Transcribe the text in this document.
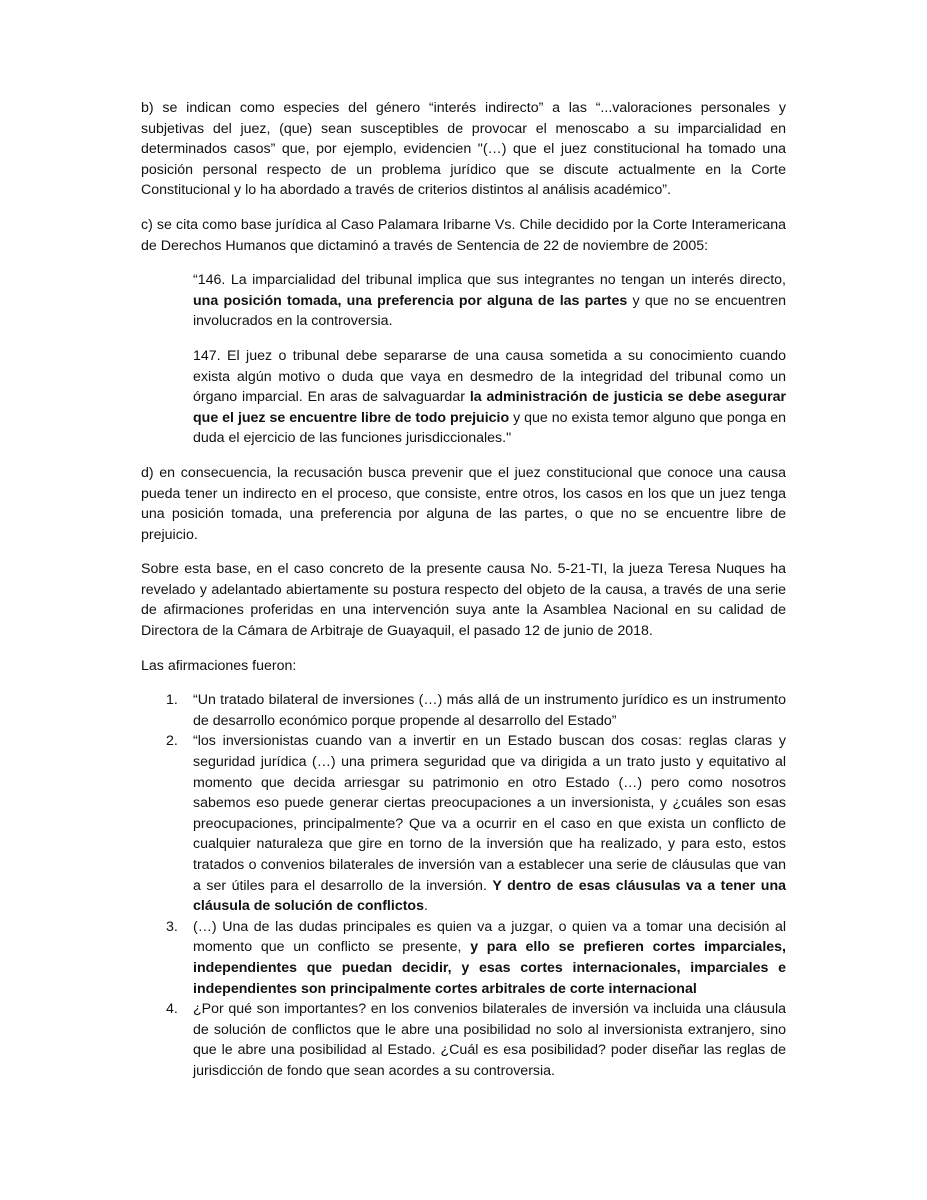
b) se indican como especies del género “interés indirecto” a las “...valoraciones personales y subjetivas del juez, (que) sean susceptibles de provocar el menoscabo a su imparcialidad en determinados casos” que, por ejemplo, evidencien "(…) que el juez constitucional ha tomado una posición personal respecto de un problema jurídico que se discute actualmente en la Corte Constitucional y lo ha abordado a través de criterios distintos al análisis académico”.

c) se cita como base jurídica al Caso Palamara Iribarne Vs. Chile decidido por la Corte Interamericana de Derechos Humanos que dictaminó a través de Sentencia de 22 de noviembre de 2005:

“146. La imparcialidad del tribunal implica que sus integrantes no tengan un interés directo, una posición tomada, una preferencia por alguna de las partes y que no se encuentren involucrados en la controversia.

147. El juez o tribunal debe separarse de una causa sometida a su conocimiento cuando exista algún motivo o duda que vaya en desmedro de la integridad del tribunal como un órgano imparcial. En aras de salvaguardar la administración de justicia se debe asegurar que el juez se encuentre libre de todo prejuicio y que no exista temor alguno que ponga en duda el ejercicio de las funciones jurisdiccionales."

d) en consecuencia, la recusación busca prevenir que el juez constitucional que conoce una causa pueda tener un indirecto en el proceso, que consiste, entre otros, los casos en los que un juez tenga una posición tomada, una preferencia por alguna de las partes, o que no se encuentre libre de prejuicio.

Sobre esta base, en el caso concreto de la presente causa No. 5-21-TI, la jueza Teresa Nuques ha revelado y adelantado abiertamente su postura respecto del objeto de la causa, a través de una serie de afirmaciones proferidas en una intervención suya ante la Asamblea Nacional en su calidad de Directora de la Cámara de Arbitraje de Guayaquil, el pasado 12 de junio de 2018.

Las afirmaciones fueron:

1. “Un tratado bilateral de inversiones (…) más allá de un instrumento jurídico es un instrumento de desarrollo económico porque propende al desarrollo del Estado”
2. “los inversionistas cuando van a invertir en un Estado buscan dos cosas: reglas claras y seguridad jurídica (…) una primera seguridad que va dirigida a un trato justo y equitativo al momento que decida arriesgar su patrimonio en otro Estado (…) pero como nosotros sabemos eso puede generar ciertas preocupaciones a un inversionista, y ¿cuáles son esas preocupaciones, principalmente? Que va a ocurrir en el caso en que exista un conflicto de cualquier naturaleza que gire en torno de la inversión que ha realizado, y para esto, estos tratados o convenios bilaterales de inversión van a establecer una serie de cláusulas que van a ser útiles para el desarrollo de la inversión. Y dentro de esas cláusulas va a tener una cláusula de solución de conflictos.
3. (…) Una de las dudas principales es quien va a juzgar, o quien va a tomar una decisión al momento que un conflicto se presente, y para ello se prefieren cortes imparciales, independientes que puedan decidir, y esas cortes internacionales, imparciales e independientes son principalmente cortes arbitrales de corte internacional
4. ¿Por qué son importantes? en los convenios bilaterales de inversión va incluida una cláusula de solución de conflictos que le abre una posibilidad no solo al inversionista extranjero, sino que le abre una posibilidad al Estado. ¿Cuál es esa posibilidad? poder diseñar las reglas de jurisdicción de fondo que sean acordes a su controversia.
